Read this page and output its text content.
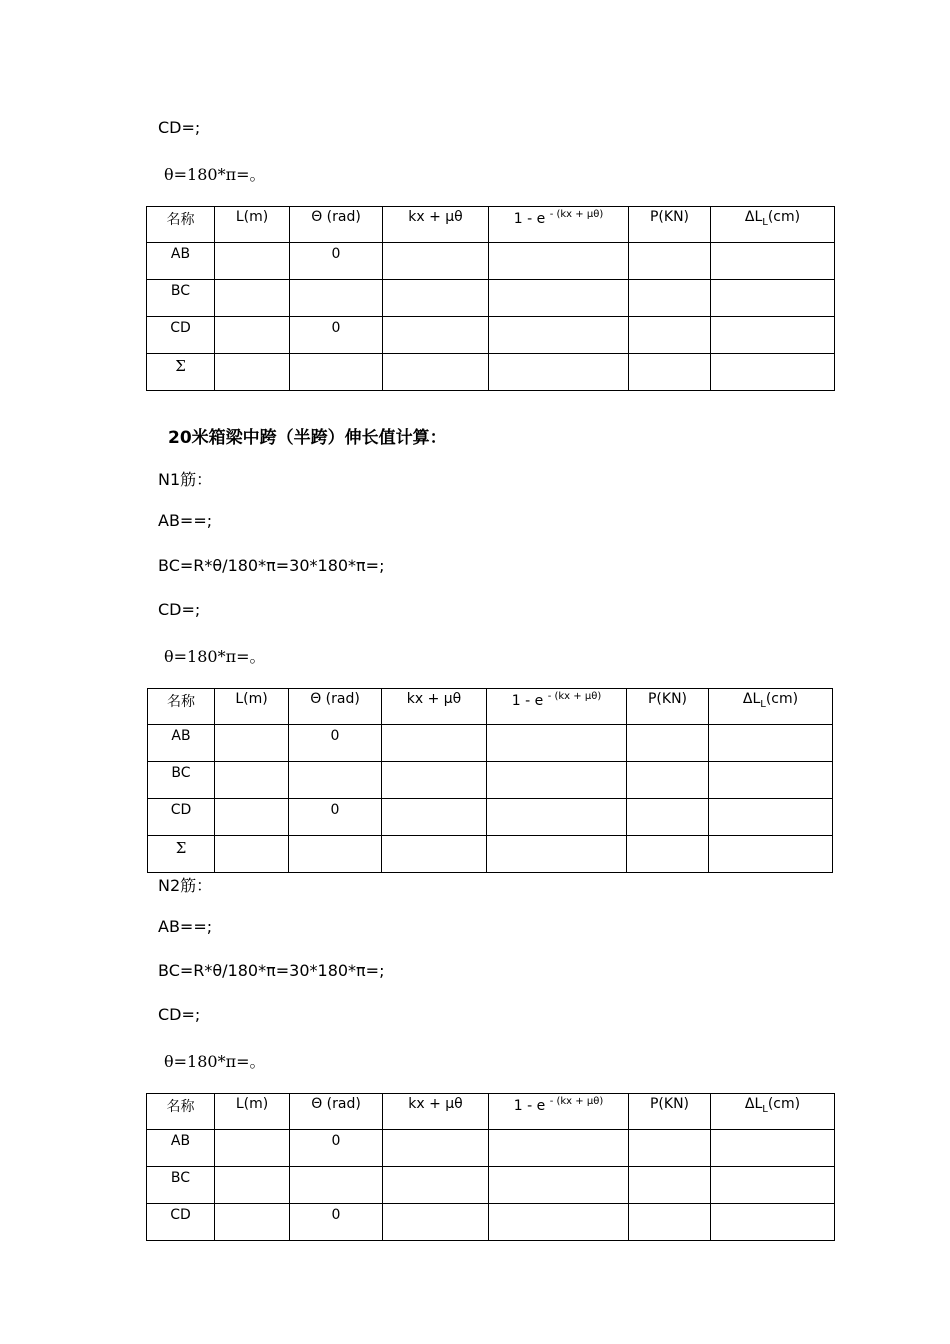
CD=;
θ=180*π=。
名称	L(m)	Θ (rad)	kx + μθ	1 - e $^{- (kx + \mu\theta)}$	P(KN)	$\Delta L_L(cm)$
AB		0				
BC						
CD		0				
Σ						
20米箱梁中跨（半跨）伸长值计算：
N1筋：
AB==;
BC=R*θ/180*π=30*180*π=;
CD=;
θ=180*π=。
名称	L(m)	Θ (rad)	kx + μθ	1 - e $^{- (kx + \mu\theta)}$	P(KN)	$\Delta L_L(cm)$
AB		0				
BC						
CD		0				
Σ						
N2筋：
AB==;
BC=R*θ/180*π=30*180*π=;
CD=;
θ=180*π=。
名称	L(m)	Θ (rad)	kx + μθ	1 - e $^{- (kx + \mu\theta)}$	P(KN)	$\Delta L_L(cm)$
AB		0				
BC						
CD		0				
